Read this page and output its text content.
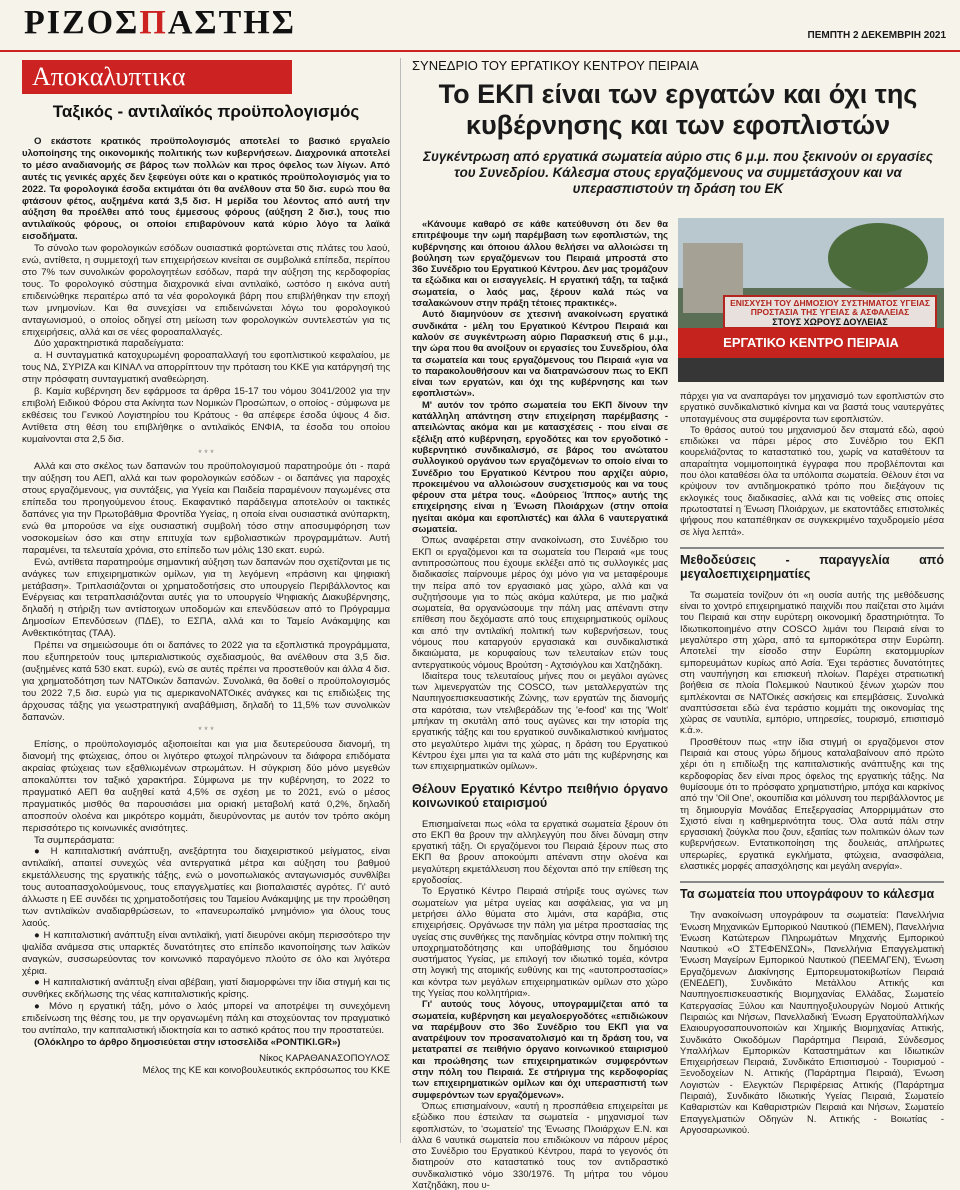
ΡΙΖΟΣΠΑΣΤΗΣ	ΠΕΜΠΤΗ 2 ΔΕΚΕΜΒΡΙΗ 2021
Αποκαλυπτικα
Ταξικός - αντιλαϊκός προϋπολογισμός

Ο εκάστοτε κρατικός προϋπολογισμός αποτελεί το βασικό εργαλείο υλοποίησης της οικονομικής πολιτικής των κυβερνήσεων. Διαχρονικά αποτελεί το μέσο αναδιανομής σε βάρος των πολλών και προς όφελος των λίγων. Από αυτές τις γενικές αρχές δεν ξεφεύγει ούτε και ο κρατικός προϋπολογισμός για το 2022. Τα φορολογικά έσοδα εκτιμάται ότι θα ανέλθουν στα 50 δισ. ευρώ που θα φτάσουν φέτος, αυξημένα κατά 3,5 δισ. Η μερίδα του λέοντος από αυτή την αύξηση θα προέλθει από τους έμμεσους φόρους (αύξηση 2 δισ.), τους πιο αντιλαϊκούς φόρους, οι οποίοι επιβαρύνουν κατά κύριο λόγο τα λαϊκά εισοδήματα.

Το σύνολο των φορολογικών εσόδων ουσιαστικά φορτώνεται στις πλάτες του λαού, ενώ, αντίθετα, η συμμετοχή των επιχειρήσεων κινείται σε συμβολικά επίπεδα, περίπου στο 7% των συνολικών φορολογητέων εσόδων, παρά την αύξηση της κερδοφορίας τους. Το φορολογικό σύστημα διαχρονικά είναι αντιλαϊκό, ωστόσο η εικόνα αυτή επιδεινώθηκε περαιτέρω από τα νέα φορολογικά βάρη που επιβλήθηκαν την εποχή των μνημονίων. Και θα συνεχίσει να επιδεινώνεται λόγω του φορολογικού ανταγωνισμού, ο οποίος οδηγεί στη μείωση των φορολογικών συντελεστών για τις επιχειρήσεις, αλλά και σε νέες φοροαπαλλαγές.

Δύο χαρακτηριστικά παραδείγματα:

α. Η συνταγματικά κατοχυρωμένη φοροαπαλλαγή του εφοπλιστικού κεφαλαίου, με τους ΝΔ, ΣΥΡΙΖΑ και ΚΙΝΑΛ να απορρίπτουν την πρόταση του ΚΚΕ για κατάργησή της στην πρόσφατη συνταγματική αναθεώρηση.

β. Καμία κυβέρνηση δεν εφάρμοσε τα άρθρα 15-17 του νόμου 3041/2002 για την επιβολή Ειδικού Φόρου στα Ακίνητα των Νομικών Προσώπων, ο οποίος - σύμφωνα με εκθέσεις του Γενικού Λογιστηρίου του Κράτους - θα απέφερε έσοδα ύψους 4 δισ. Αντίθετα στη θέση του επιβλήθηκε ο αντιλαϊκός ΕΝΦΙΑ, τα έσοδα του οποίου κυμαίνονται στα 2,5 δισ.

* * *

Αλλά και στο σκέλος των δαπανών του προϋπολογισμού παρατηρούμε ότι - παρά την αύξηση του ΑΕΠ, αλλά και των φορολογικών εσόδων - οι δαπάνες για παροχές στους εργαζόμενους, για συντάξεις, για Υγεία και Παιδεία παραμένουν παγωμένες στα επίπεδα του προηγούμενου έτους. Εκαφαντικό παράδειγμα αποτελούν οι τακτικές δαπάνες για την Πρωτοβάθμια Φροντίδα Υγείας, η οποία είναι ουσιαστικά ανύπαρκτη, ενώ θα μπορούσε να είχε ουσιαστική συμβολή τόσο στην αποσυμφόρηση των νοσοκομείων όσο και στην επιτυχία των εμβολιαστικών προγραμμάτων. Αυτή παραμένει, τα τελευταία χρόνια, στο επίπεδο των μόλις 130 εκατ. ευρώ.

Ενώ, αντίθετα παρατηρούμε σημαντική αύξηση των δαπανών που σχετίζονται με τις ανάγκες των επιχειρηματικών ομίλων, για τη λεγόμενη «πράσινη και ψηφιακή μετάβαση». Τριπλασιάζονται οι χρηματοδοτήσεις στο υπουργείο Περιβάλλοντος και Ενέργειας και τετραπλασιάζονται αυτές για το υπουργείο Ψηφιακής Διακυβέρνησης, δηλαδή η στήριξη των αντίστοιχων υποδομών και επενδύσεων από το Πρόγραμμα Δημοσίων Επενδύσεων (ΠΔΕ), το ΕΣΠΑ, αλλά και το Ταμείο Ανάκαμψης και Ανθεκτικότητας (ΤΑΑ).

Πρέπει να σημειώσουμε ότι οι δαπάνες το 2022 για τα εξοπλιστικά προγράμματα, που εξυπηρετούν τους ιμπεριαλιστικούς σχεδιασμούς, θα ανέλθουν στα 3,5 δισ. (αυξημένες κατά 530 εκατ. ευρώ), ενώ σε αυτές πρέπει να προστεθούν και άλλα 4 δισ. για χρηματοδότηση των ΝΑΤΟικών δαπανών. Συνολικά, θα δοθεί ο προϋπολογισμός του 2022 7,5 δισ. ευρώ για τις αμερικανοΝΑΤΟικές ανάγκες και τις επιδιώξεις της άρχουσας τάξης για γεωστρατηγική αναβάθμιση, δηλαδή το 11,5% των συνολικών δαπανών.

* * *

Επίσης, ο προϋπολογισμός αξιοποιείται και για μια δευτερεύουσα διανομή, τη διανομή της φτώχειας, όπου οι λιγότερο φτωχοί πληρώνουν τα διάφορα επιδόματα ακραίας φτώχειας των εξαθλιωμένων στρωμάτων. Η σύγκριση δύο μόνο μεγεθών αποκαλύπτει τον ταξικό χαρακτήρα. Σύμφωνα με την κυβέρνηση, το 2022 το πραγματικό ΑΕΠ θα αυξηθεί κατά 4,5% σε σχέση με το 2021, ενώ ο μέσος πραγματικός μισθός θα παρουσιάσει μια οριακή μεταβολή κατά 0,2%, δηλαδή αποσπούν ολοένα και μικρότερο κομμάτι, διευρύνοντας με αυτόν τον τρόπο ακόμη περισσότερο τις κοινωνικές ανισότητες.

Τα συμπεράσματα:

● Η καπιταλιστική ανάπτυξη, ανεξάρτητα του διαχειριστικού μείγματος, είναι αντιλαϊκή, απαιτεί συνεχώς νέα αντεργατικά μέτρα και αύξηση του βαθμού εκμετάλλευσης της εργατικής τάξης, ενώ ο μονοπωλιακός ανταγωνισμός συνθλίβει τους αυτοαπασχολούμενους, τους επαγγελματίες και βιοπαλαιστές αγρότες. Γι' αυτό άλλωστε η ΕΕ συνδέει τις χρηματοδοτήσεις του Ταμείου Ανάκαμψης με την προώθηση των αντιλαϊκών αναδιαρθρώσεων, το «πανευρωπαϊκό μνημόνιο» για όλους τους λαούς.

● Η καπιταλιστική ανάπτυξη είναι αντιλαϊκή, γιατί διευρύνει ακόμη περισσότερο την ψαλίδα ανάμεσα στις υπαρκτές δυνατότητες στο επίπεδο ικανοποίησης των λαϊκών αναγκών, συσσωρεύοντας τον κοινωνικό παραγόμενο πλούτο σε όλο και λιγότερα χέρια.

● Η καπιταλιστική ανάπτυξη είναι αβέβαιη, γιατί διαμορφώνει την ίδια στιγμή και τις συνθήκες εκδήλωσης της νέας καπιταλιστικής κρίσης.

● Μόνο η εργατική τάξη, μόνο ο λαός μπορεί να αποτρέψει τη συνεχόμενη επιδείνωση της θέσης του, με την οργανωμένη πάλη και στοχεύοντας τον πραγματικό του αντίπαλο, την καπιταλιστική ιδιοκτησία και το αστικό κράτος που την προστατεύει.

(Ολόκληρο το άρθρο δημοσιεύεται στην ιστοσελίδα «PONTIKI.GR»)

Νίκος ΚΑΡΑΘΑΝΑΣΟΠΟΥΛΟΣ
Μέλος της ΚΕ και κοινοβουλευτικός εκπρόσωπος του ΚΚΕ
ΣΥΝΕΔΡΙΟ ΤΟΥ ΕΡΓΑΤΙΚΟΥ ΚΕΝΤΡΟΥ ΠΕΙΡΑΙΑ
Το ΕΚΠ είναι των εργατών και όχι της κυβέρνησης και των εφοπλιστών
Συγκέντρωση από εργατικά σωματεία αύριο στις 6 μ.μ. που ξεκινούν οι εργασίες του Συνεδρίου. Κάλεσμα στους εργαζόμενους να συμμετάσχουν και να υπερασπιστούν τη δράση του ΕΚ
ΕΝΙΣΧΥΣΗ ΤΟΥ ΔΗΜΟΣΙΟΥ ΣΥΣΤΗΜΑΤΟΣ ΥΓΕΙΑΣ ΠΡΟΣΤΑΣΙΑ ΤΗΣ ΥΓΕΙΑΣ & ΑΣΦΑΛΕΙΑΣ
ΣΤΟΥΣ ΧΩΡΟΥΣ ΔΟΥΛΕΙΑΣ
ΕΡΓΑΤΙΚΟ ΚΕΝΤΡΟ ΠΕΙΡΑΙΑ

«Κάνουμε καθαρό σε κάθε κατεύθυνση ότι δεν θα επιτρέψουμε την ωμή παρέμβαση των εφοπλιστών, της κυβέρνησης και όποιου άλλου θελήσει να αλλοιώσει τη βούληση των εργαζόμενων του Πειραιά μπροστά στο 36ο Συνέδριο του Εργατικού Κέντρου. Δεν μας τρομάζουν τα εξώδικα και οι εισαγγελείς. Η εργατική τάξη, τα ταξικά σωματεία, ο λαός μας, ξέρουν καλά πώς να τσαλακώνουν στην πράξη τέτοιες πρακτικές».

Αυτό διαμηνύουν σε χτεσινή ανακοίνωση εργατικά συνδικάτα - μέλη του Εργατικού Κέντρου Πειραιά και καλούν σε συγκέντρωση αύριο Παρασκευή στις 6 μ.μ., την ώρα που θα ανοίξουν οι εργασίες του Συνεδρίου, όλα τα σωματεία και τους εργαζόμενους του Πειραιά «για να το παρακολουθήσουν και να διατρανώσουν πως το ΕΚΠ είναι των εργατών, και όχι της κυβέρνησης και των εφοπλιστών».

Μ' αυτόν τον τρόπο σωματεία του ΕΚΠ δίνουν την κατάλληλη απάντηση στην επιχείρηση παρέμβασης - απειλώντας ακόμα και με κατασχέσεις - που είναι σε εξέλιξη από κυβέρνηση, εργοδότες και τον εργοδοτικό - κυβερνητικό συνδικαλισμό, σε βάρος του ανώτατου συλλογικού οργάνου των εργαζόμενων το οποίο είναι το Συνέδριο του Εργατικού Κέντρου που αρχίζει αύριο, προκειμένου να αλλοιώσουν συσχετισμούς και να τους φέρουν στα μέτρα τους. «Δούρειος Ίππος» αυτής της επιχείρησης είναι η Ένωση Πλοιάρχων (στην οποία ηγείται ακόμα και εφοπλιστές) και άλλα 6 ναυτεργατικά σωματεία.

Όπως αναφέρεται στην ανακοίνωση, στο Συνέδριο του ΕΚΠ οι εργαζόμενοι και τα σωματεία του Πειραιά «με τους αντιπροσώπους που έχουμε εκλέξει από τις συλλογικές μας διαδικασίες παίρνουμε μέρος όχι μόνο για να μεταφέρουμε την πείρα από τον εργασιακό μας χώρο, αλλά και να συζητήσουμε για το πώς ακόμα καλύτερα, με πιο μαζικά σωματεία, θα οργανώσουμε την πάλη μας απέναντι στην επίθεση που δεχόμαστε από τους επιχειρηματικούς ομίλους και από την αντιλαϊκή πολιτική των κυβερνήσεων, τους νόμους που καταργούν εργασιακά και συνδικαλιστικά δικαιώματα, με κορυφαίους των τελευταίων ετών τους αντεργατικούς νόμους Βρούτση - Αχτσιόγλου και Χατζηδάκη.

Ιδιαίτερα τους τελευταίους μήνες που οι μεγάλοι αγώνες των λιμενεργατών της COSCO, των μεταλλεργατών της Ναυπηγοεπισκευαστικής Ζώνης, των εργατών της διανομής στα καρότσια, των ντελιβεράδων της 'e-food' και της 'Wolt' μπήκαν τη σκυτάλη από τους αγώνες και την ιστορία της εργατικής τάξης και του εργατικού συνδικαλιστικού κινήματος στο μεγαλύτερο λιμάνι της χώρας, η δράση του Εργατικού Κέντρου έχει μπει για τα καλά στο μάτι της κυβέρνησης και των επιχειρηματικών ομίλων».

Θέλουν Εργατικό Κέντρο πειθήνιο όργανο κοινωνικού εταιρισμού

Επισημαίνεται πως «όλα τα εργατικά σωματεία ξέρουν ότι στο ΕΚΠ θα βρουν την αλληλεγγύη που δίνει δύναμη στην εργατική τάξη. Οι εργαζόμενοι του Πειραιά ξέρουν πως στο ΕΚΠ θα βρουν αποκούμπι απέναντι στην ολοένα και μεγαλύτερη εκμετάλλευση που δέχονται από την επίθεση της εργοδοσίας.

Το Εργατικό Κέντρο Πειραιά στήριξε τους αγώνες των σωματείων για μέτρα υγείας και ασφάλειας, για να μη μετρήσει άλλο θύματα στο λιμάνι, στα καράβια, στις επιχειρήσεις. Οργάνωσε την πάλη για μέτρα προστασίας της υγείας στις συνθήκες της πανδημίας κόντρα στην πολιτική της υποχρηματοδότησης και υποβάθμισης του δημόσιου συστήματος Υγείας, με επιλογή τον ιδιωτικό τομέα, κόντρα στη λογική της ατομικής ευθύνης και της «αυτοπροστασίας» και κόντρα των μεγάλων επιχειρηματικών ομίλων στο χώρο της Υγείας που κολλητήρια».

Γι' αυτούς τους λόγους, υπογραμμίζεται από τα σωματεία, κυβέρνηση και μεγαλοεργοδότες «επιδιώκουν να παρέμβουν στο 36ο Συνέδριο του ΕΚΠ για να ανατρέψουν τον προσανατολισμό και τη δράση του, να μετατραπεί σε πειθήνιο όργανο κοινωνικού εταιρισμού και προώθησης των επιχειρηματικών συμφερόντων στην πόλη του Πειραιά. Σε στήριγμα της κερδοφορίας των επιχειρηματικών ομίλων και όχι υπερασπιστή των συμφερόντων των εργαζόμενων».

Όπως επισημαίνουν, «αυτή η προσπάθεια επιχειρείται με εξώδικο που έστειλαν τα σωματεία - μηχανισμοί των εφοπλιστών, το 'σωματείο' της Ένωσης Πλοιάρχων Ε.Ν. και άλλα 6 ναυτικά σωματεία που επιδιώκουν να πάρουν μέρος στο Συνέδριο του Εργατικού Κέντρου, παρά το γεγονός ότι διατηρούν στο καταστατικό τους τον αντιδραστικό συνδικαλιστικό νόμο 330/1976. Τη μήτρα του νόμου Χατζηδάκη, που υ-

πάρχει για να αναπαράγει τον μηχανισμό των εφοπλιστών στο εργατικό συνδικαλιστικό κίνημα και να βαστά τους ναυτεργάτες υποταγμένους στα συμφέροντα των εφοπλιστών.

Το θράσος αυτού του μηχανισμού δεν σταματά εδώ, αφού επιδιώκει να πάρει μέρος στο Συνέδριο του ΕΚΠ κουρελιάζοντας το καταστατικό του, χωρίς να καταθέτουν τα απαραίτητα νομιμοποιητικά έγγραφα που προβλέπονται και που όλοι καταθέσει όλα τα υπόλοιπα σωματεία. Θέλουν έτσι να κρύψουν τον αντιδημοκρατικό τρόπο που διεξάγουν τις εκλογικές τους διαδικασίες, αλλά και τις νοθείες στις οποίες πρωτοστατεί η Ένωση Πλοιάρχων, με εκατοντάδες επιστολικές ψήφους που καταπέθηκαν σε συγκεκριμένο ταχυδρομείο μέσα σε λίγα λεπτά».

Μεθοδεύσεις - παραγγελία από μεγαλοεπιχειρηματίες

Τα σωματεία τονίζουν ότι «η ουσία αυτής της μεθόδευσης είναι το χοντρό επιχειρηματικό παιχνίδι που παίζεται στο λιμάνι του Πειραιά και στην ευρύτερη οικονομική δραστηριότητα. Το Ιδιωτικοποιημένο στην COSCO λιμάνι του Πειραιά είναι το μεγαλύτερο στη χώρα, από τα εμπορικότερα στην Ευρώπη. Αποτελεί την είσοδο στην Ευρώπη εκατομμυρίων εμπορευμάτων κυρίως από Ασία. Έχει τεράστιες δυνατότητες στη ναυπήγηση και επισκευή πλοίων. Παρέχει στρατιωτική βοήθεια σε πλοία Πολεμικού Ναυτικού ξένων χωρών που εμπλέκονται σε ΝΑΤΟικές ασκήσεις και επεμβάσεις. Συνολικά αναπτύσσεται εδώ ένα τεράστιο κομμάτι της οικονομίας της χώρας σε ναυτιλία, εμπόριο, υπηρεσίες, τουρισμό, επισιτισμό κ.ά.».

Προσθέτουν πως «την ίδια στιγμή οι εργαζόμενοι στον Πειραιά και στους γύρω δήμους καταλαβαίνουν από πρώτο χέρι ότι η επιδίωξη της καπιταλιστικής ανάπτυξης και της κερδοφορίας δεν είναι προς όφελος της εργατικής τάξης. Να θυμίσουμε ότι το πρόσφατο χρηματιστήριο, μπόχα και καρκίνος από την 'Oil One', οκουπίδια και μόλυνση του περιβάλλοντος με τη δημιουργία Μονάδας Επεξεργασίας Απορριμμάτων στο Σχιστό είναι η καθημερινότητα τους. Όλα αυτά πάλι στην εργασιακή ζούγκλα που ζουν, εξαιτίας των πολιτικών όλων των κυβερνήσεων. Εντατικοποίηση της δουλειάς, απλήρωτες υπερωρίες, εργατικά εγκλήματα, φτώχεια, ανασφάλεια, ελαστικές μορφές απασχόλησης και μεγάλη ανεργία».

Τα σωματεία που υπογράφουν το κάλεσμα

Την ανακοίνωση υπογράφουν τα σωματεία: Πανελλήνια Ένωση Μηχανικών Εμπορικού Ναυτικού (ΠΕΜΕΝ), Πανελλήνια Ένωση Κατώτερων Πληρωμάτων Μηχανής Εμπορικού Ναυτικού «Ο ΣΤΕΦΕΝΣΩΝ», Πανελλήνια Επαγγελματική Ένωση Μαγείρων Εμπορικού Ναυτικού (ΠΕΕΜΑΓΕΝ), Ένωση Εργαζόμενων Διακίνησης Εμπορευματοκιβωτίων Πειραιά (ΕΝΕΔΕΠ), Συνδικάτο Μετάλλου Αττικής και Ναυπηγοεπισκευαστικής Βιομηχανίας Ελλάδας, Σωματείο Κατεργασίας Ξύλου και Ναυπηγοξυλουργών Νομού Αττικής Πειραιώς και Νήσων, Πανελλαδική Ένωση Εργατοϋπαλλήλων Ελαιουργοσαπουνοποιών και Χημικής Βιομηχανίας Αττικής, Συνδικάτο Οικοδόμων Παράρτημα Πειραιά, Σύνδεσμος Υπαλλήλων Εμπορικών Καταστημάτων και Ιδιωτικών Επιχειρήσεων Πειραιά, Συνδικάτο Επισιτισμού - Τουρισμού - Ξενοδοχείων Ν. Αττικής (Παράρτημα Πειραιά), Ένωση Λογιστών - Ελεγκτών Περιφέρειας Αττικής (Παράρτημα Πειραιά), Συνδικάτο Ιδιωτικής Υγείας Πειραιά, Σωματείο Καθαριστών και Καθαριστριών Πειραιά και Νήσων, Σωματείο Επαγγελματιών Οδηγών Ν. Αττικής - Βοιωτίας - Αργοσαρωνικού.
